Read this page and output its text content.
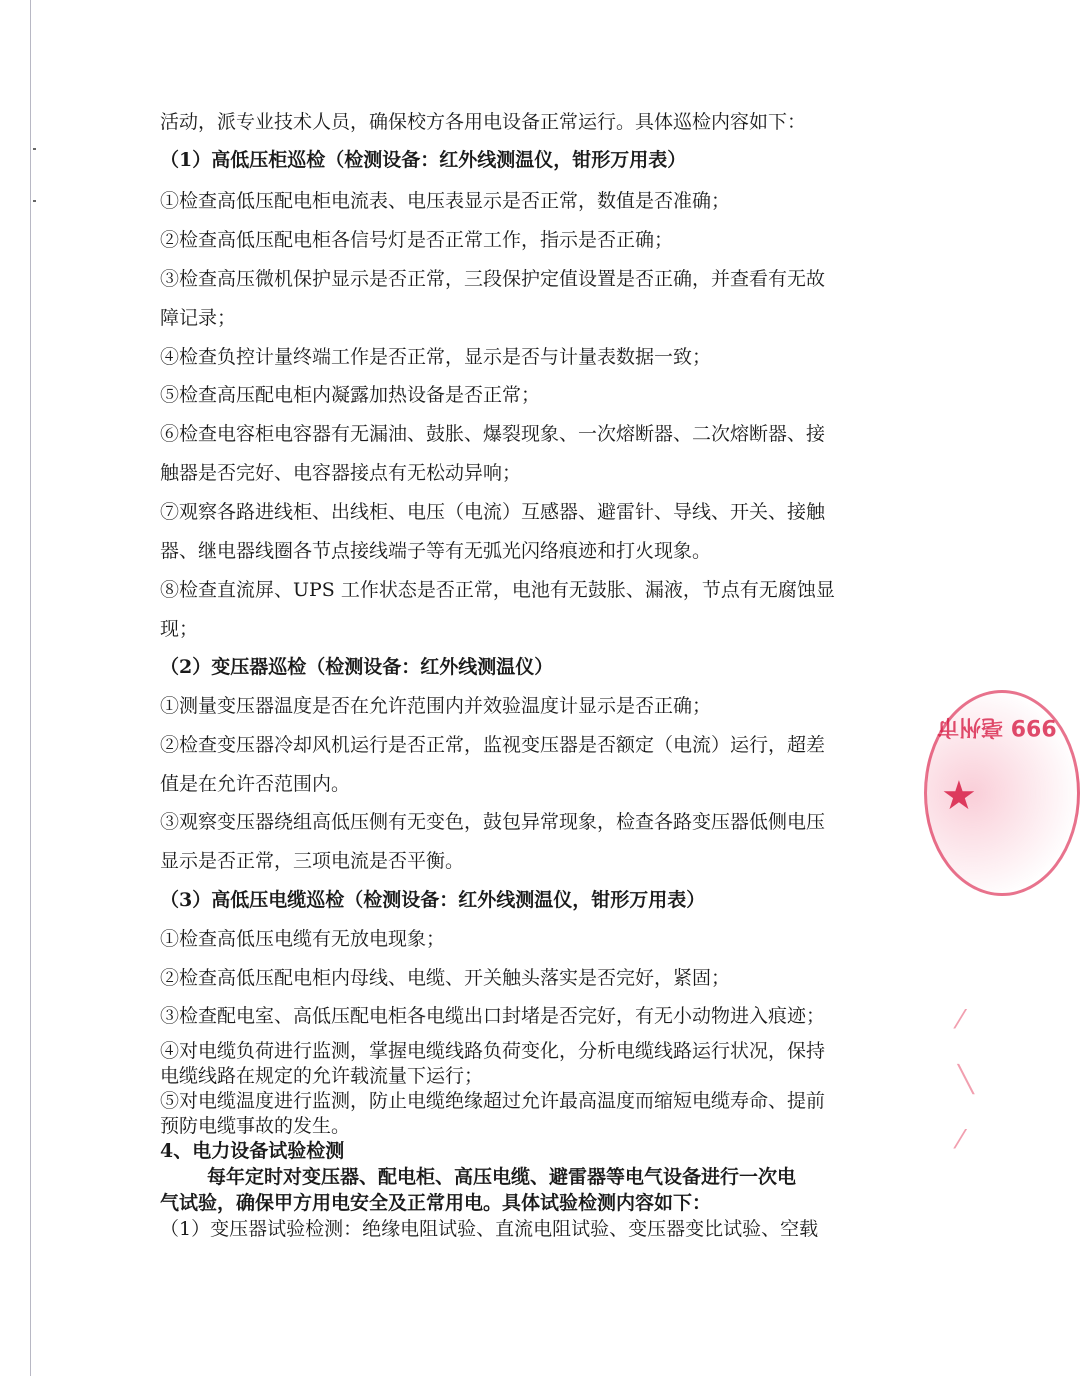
活动，派专业技术人员，确保校方各用电设备正常运行。具体巡检内容如下：
（1）高低压柜巡检（检测设备：红外线测温仪，钳形万用表）
①检查高低压配电柜电流表、电压表显示是否正常，数值是否准确；
②检查高低压配电柜各信号灯是否正常工作，指示是否正确；
③检查高压微机保护显示是否正常，三段保护定值设置是否正确，并查看有无故
障记录；
④检查负控计量终端工作是否正常，显示是否与计量表数据一致；
⑤检查高压配电柜内凝露加热设备是否正常；
⑥检查电容柜电容器有无漏油、鼓胀、爆裂现象、一次熔断器、二次熔断器、接
触器是否完好、电容器接点有无松动异响；
⑦观察各路进线柜、出线柜、电压（电流）互感器、避雷针、导线、开关、接触
器、继电器线圈各节点接线端子等有无弧光闪络痕迹和打火现象。
⑧检查直流屏、UPS 工作状态是否正常，电池有无鼓胀、漏液，节点有无腐蚀显
现；
（2）变压器巡检（检测设备：红外线测温仪）
①测量变压器温度是否在允许范围内并效验温度计显示是否正确；
②检查变压器冷却风机运行是否正常，监视变压器是否额定（电流）运行，超差
值是在允许否范围内。
③观察变压器绕组高低压侧有无变色，鼓包异常现象，检查各路变压器低侧电压
显示是否正常，三项电流是否平衡。
（3）高低压电缆巡检（检测设备：红外线测温仪，钳形万用表）
①检查高低压电缆有无放电现象；
②检查高低压配电柜内母线、电缆、开关触头落实是否完好，紧固；
③检查配电室、高低压配电柜各电缆出口封堵是否完好，有无小动物进入痕迹；
④对电缆负荷进行监测，掌握电缆线路负荷变化，分析电缆线路运行状况，保持
电缆线路在规定的允许载流量下运行；
⑤对电缆温度进行监测，防止电缆绝缘超过允许最高温度而缩短电缆寿命、提前
预防电缆事故的发生。
4、电力设备试验检测
每年定时对变压器、配电柜、高压电缆、避雷器等电气设备进行一次电
气试验，确保甲方用电安全及正常用电。具体试验检测内容如下：
（1）变压器试验检测：绝缘电阻试验、直流电阻试验、变压器变比试验、空载
999 亳州市
★
⁄
╲
⁄
